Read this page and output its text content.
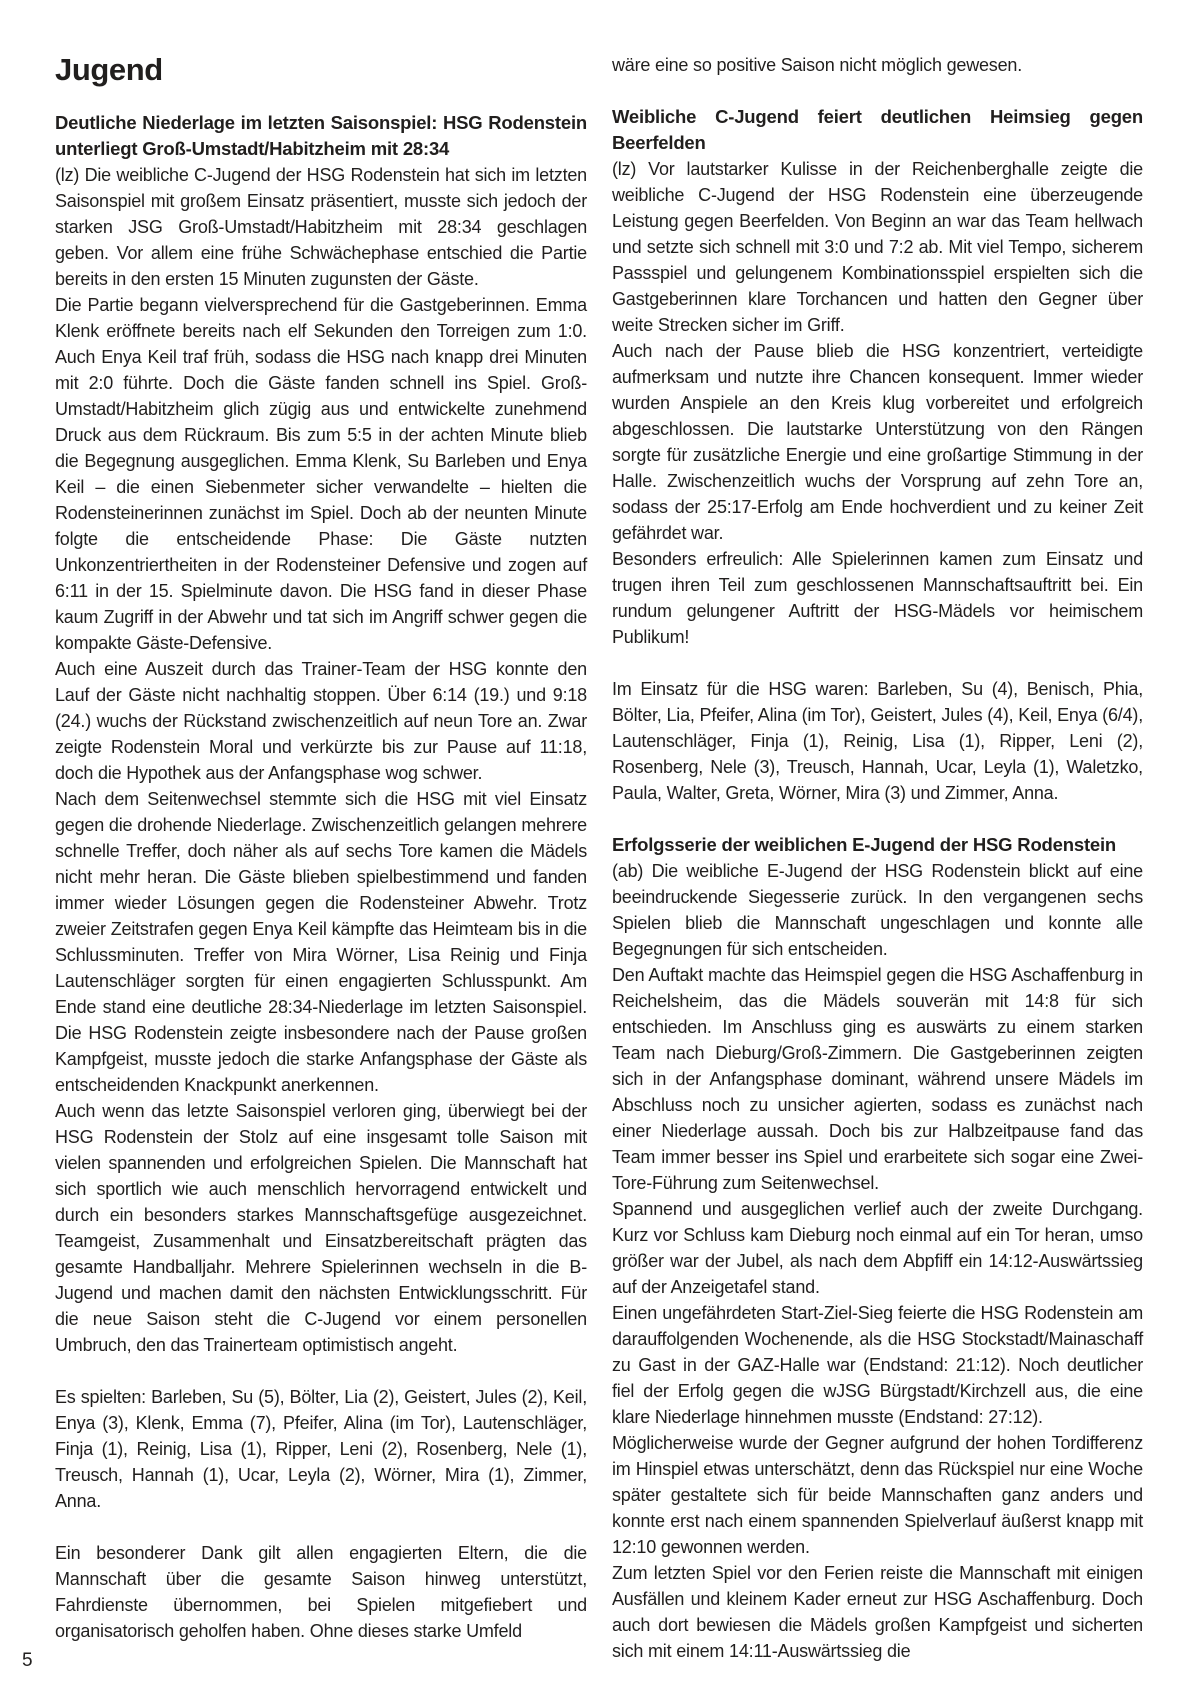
Jugend
Deutliche Niederlage im letzten Saisonspiel: HSG Rodenstein unterliegt Groß-Umstadt/Habitzheim mit 28:34

(lz) Die weibliche C-Jugend der HSG Rodenstein hat sich im letzten Saisonspiel mit großem Einsatz präsentiert, musste sich jedoch der starken JSG Groß-Umstadt/Habitzheim mit 28:34 geschlagen geben. Vor allem eine frühe Schwächephase entschied die Partie bereits in den ersten 15 Minuten zugunsten der Gäste.

Die Partie begann vielversprechend für die Gastgeberinnen. Emma Klenk eröffnete bereits nach elf Sekunden den Torreigen zum 1:0. Auch Enya Keil traf früh, sodass die HSG nach knapp drei Minuten mit 2:0 führte. Doch die Gäste fanden schnell ins Spiel. Groß-Umstadt/Habitzheim glich zügig aus und entwickelte zunehmend Druck aus dem Rückraum. Bis zum 5:5 in der achten Minute blieb die Begegnung ausgeglichen. Emma Klenk, Su Barleben und Enya Keil – die einen Siebenmeter sicher verwandelte – hielten die Rodensteinerinnen zunächst im Spiel. Doch ab der neunten Minute folgte die entscheidende Phase: Die Gäste nutzten Unkonzentriertheiten in der Rodensteiner Defensive und zogen auf 6:11 in der 15. Spielminute davon. Die HSG fand in dieser Phase kaum Zugriff in der Abwehr und tat sich im Angriff schwer gegen die kompakte Gäste-Defensive.

Auch eine Auszeit durch das Trainer-Team der HSG konnte den Lauf der Gäste nicht nachhaltig stoppen. Über 6:14 (19.) und 9:18 (24.) wuchs der Rückstand zwischenzeitlich auf neun Tore an. Zwar zeigte Rodenstein Moral und verkürzte bis zur Pause auf 11:18, doch die Hypothek aus der Anfangsphase wog schwer.

Nach dem Seitenwechsel stemmte sich die HSG mit viel Einsatz gegen die drohende Niederlage. Zwischenzeitlich gelangen mehrere schnelle Treffer, doch näher als auf sechs Tore kamen die Mädels nicht mehr heran. Die Gäste blieben spielbestimmend und fanden immer wieder Lösungen gegen die Rodensteiner Abwehr. Trotz zweier Zeitstrafen gegen Enya Keil kämpfte das Heimteam bis in die Schlussminuten. Treffer von Mira Wörner, Lisa Reinig und Finja Lautenschläger sorgten für einen engagierten Schlusspunkt. Am Ende stand eine deutliche 28:34-Niederlage im letzten Saisonspiel. Die HSG Rodenstein zeigte insbesondere nach der Pause großen Kampfgeist, musste jedoch die starke Anfangsphase der Gäste als entscheidenden Knackpunkt anerkennen.

Auch wenn das letzte Saisonspiel verloren ging, überwiegt bei der HSG Rodenstein der Stolz auf eine insgesamt tolle Saison mit vielen spannenden und erfolgreichen Spielen. Die Mannschaft hat sich sportlich wie auch menschlich hervorragend entwickelt und durch ein besonders starkes Mannschaftsgefüge ausgezeichnet. Teamgeist, Zusammenhalt und Einsatzbereitschaft prägten das gesamte Handballjahr. Mehrere Spielerinnen wechseln in die B-Jugend und machen damit den nächsten Entwicklungsschritt. Für die neue Saison steht die C-Jugend vor einem personellen Umbruch, den das Trainerteam optimistisch angeht.

Es spielten: Barleben, Su (5), Bölter, Lia (2), Geistert, Jules (2), Keil, Enya (3), Klenk, Emma (7), Pfeifer, Alina (im Tor), Lautenschläger, Finja (1), Reinig, Lisa (1), Ripper, Leni (2), Rosenberg, Nele (1), Treusch, Hannah (1), Ucar, Leyla (2), Wörner, Mira (1), Zimmer, Anna.

Ein besonderer Dank gilt allen engagierten Eltern, die die Mannschaft über die gesamte Saison hinweg unterstützt, Fahrdienste übernommen, bei Spielen mitgefiebert und organisatorisch geholfen haben. Ohne dieses starke Umfeld

wäre eine so positive Saison nicht möglich gewesen.

Weibliche C-Jugend feiert deutlichen Heimsieg gegen Beerfelden

(lz) Vor lautstarker Kulisse in der Reichenberghalle zeigte die weibliche C-Jugend der HSG Rodenstein eine überzeugende Leistung gegen Beerfelden. Von Beginn an war das Team hellwach und setzte sich schnell mit 3:0 und 7:2 ab. Mit viel Tempo, sicherem Passspiel und gelungenem Kombinationsspiel erspielten sich die Gastgeberinnen klare Torchancen und hatten den Gegner über weite Strecken sicher im Griff.

Auch nach der Pause blieb die HSG konzentriert, verteidigte aufmerksam und nutzte ihre Chancen konsequent. Immer wieder wurden Anspiele an den Kreis klug vorbereitet und erfolgreich abgeschlossen. Die lautstarke Unterstützung von den Rängen sorgte für zusätzliche Energie und eine großartige Stimmung in der Halle. Zwischenzeitlich wuchs der Vorsprung auf zehn Tore an, sodass der 25:17-Erfolg am Ende hochverdient und zu keiner Zeit gefährdet war.

Besonders erfreulich: Alle Spielerinnen kamen zum Einsatz und trugen ihren Teil zum geschlossenen Mannschaftsauftritt bei. Ein rundum gelungener Auftritt der HSG-Mädels vor heimischem Publikum!

Im Einsatz für die HSG waren: Barleben, Su (4), Benisch, Phia, Bölter, Lia, Pfeifer, Alina (im Tor), Geistert, Jules (4), Keil, Enya (6/4), Lautenschläger, Finja (1), Reinig, Lisa (1), Ripper, Leni (2), Rosenberg, Nele (3), Treusch, Hannah, Ucar, Leyla (1), Waletzko, Paula, Walter, Greta, Wörner, Mira (3) und Zimmer, Anna.

Erfolgsserie der weiblichen E-Jugend der HSG Rodenstein

(ab) Die weibliche E-Jugend der HSG Rodenstein blickt auf eine beeindruckende Siegesserie zurück. In den vergangenen sechs Spielen blieb die Mannschaft ungeschlagen und konnte alle Begegnungen für sich entscheiden.

Den Auftakt machte das Heimspiel gegen die HSG Aschaffenburg in Reichelsheim, das die Mädels souverän mit 14:8 für sich entschieden. Im Anschluss ging es auswärts zu einem starken Team nach Dieburg/Groß-Zimmern. Die Gastgeberinnen zeigten sich in der Anfangsphase dominant, während unsere Mädels im Abschluss noch zu unsicher agierten, sodass es zunächst nach einer Niederlage aussah. Doch bis zur Halbzeitpause fand das Team immer besser ins Spiel und erarbeitete sich sogar eine Zwei-Tore-Führung zum Seitenwechsel.

Spannend und ausgeglichen verlief auch der zweite Durchgang. Kurz vor Schluss kam Dieburg noch einmal auf ein Tor heran, umso größer war der Jubel, als nach dem Abpfiff ein 14:12-Auswärtssieg auf der Anzeigetafel stand.

Einen ungefährdeten Start-Ziel-Sieg feierte die HSG Rodenstein am darauffolgenden Wochenende, als die HSG Stockstadt/Mainaschaff zu Gast in der GAZ-Halle war (Endstand: 21:12). Noch deutlicher fiel der Erfolg gegen die wJSG Bürgstadt/Kirchzell aus, die eine klare Niederlage hinnehmen musste (Endstand: 27:12).

Möglicherweise wurde der Gegner aufgrund der hohen Tordifferenz im Hinspiel etwas unterschätzt, denn das Rückspiel nur eine Woche später gestaltete sich für beide Mannschaften ganz anders und konnte erst nach einem spannenden Spielverlauf äußerst knapp mit 12:10 gewonnen werden.

Zum letzten Spiel vor den Ferien reiste die Mannschaft mit einigen Ausfällen und kleinem Kader erneut zur HSG Aschaffenburg. Doch auch dort bewiesen die Mädels großen Kampfgeist und sicherten sich mit einem 14:11-Auswärtssieg die

5
